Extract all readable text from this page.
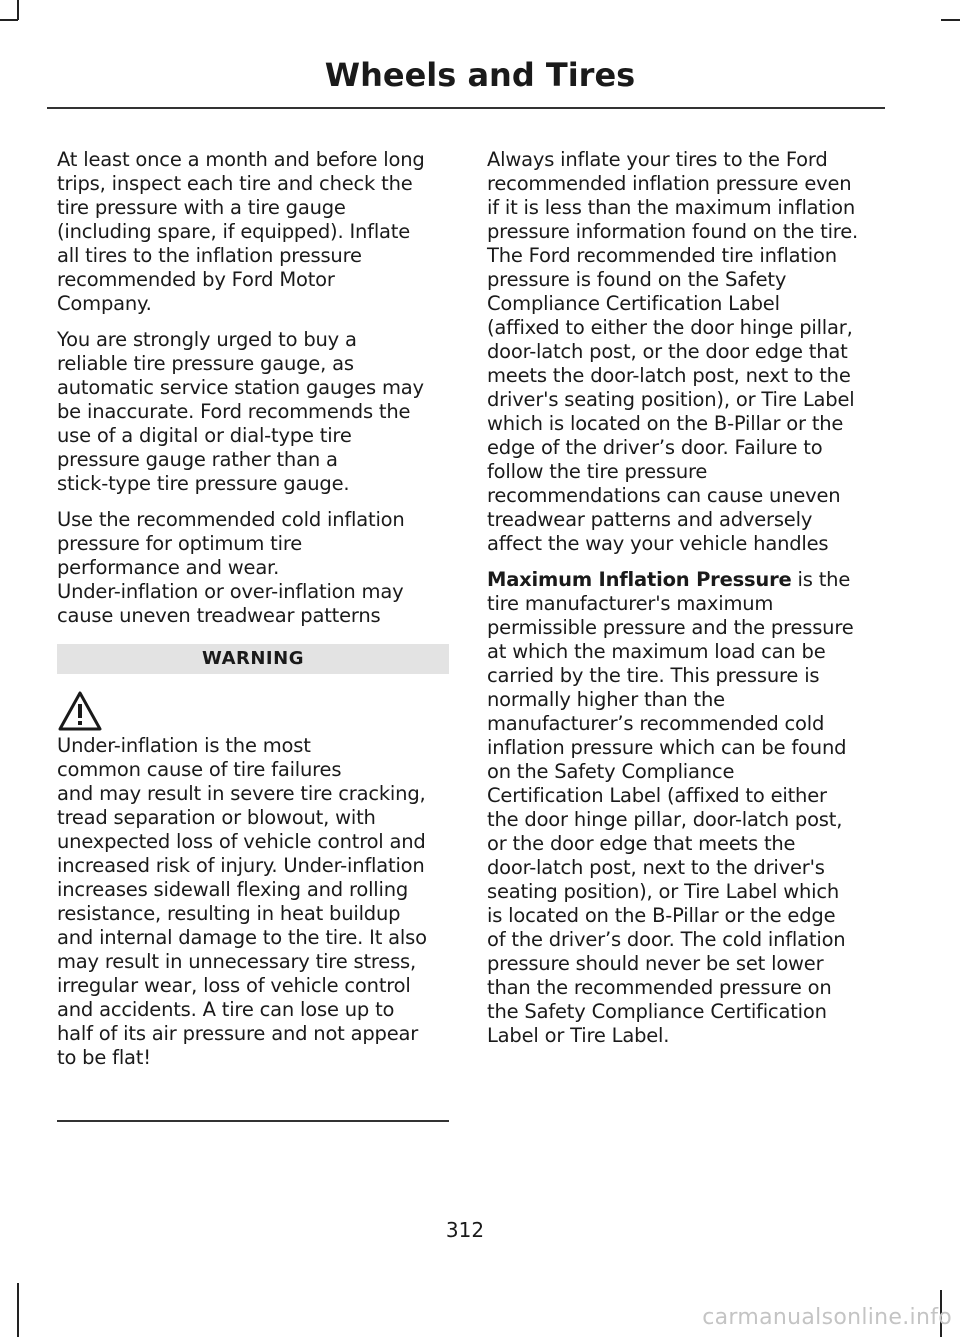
Wheels and Tires

At least once a month and before long
trips, inspect each tire and check the
tire pressure with a tire gauge
(including spare, if equipped). Inflate
all tires to the inflation pressure
recommended by Ford Motor
Company.

You are strongly urged to buy a
reliable tire pressure gauge, as
automatic service station gauges may
be inaccurate. Ford recommends the
use of a digital or dial-type tire
pressure gauge rather than a
stick-type tire pressure gauge.

Use the recommended cold inflation
pressure for optimum tire
performance and wear.
Under-inflation or over-inflation may
cause uneven treadwear patterns

WARNING

Under-inflation is the most
common cause of tire failures
and may result in severe tire cracking,
tread separation or blowout, with
unexpected loss of vehicle control and
increased risk of injury. Under-inflation
increases sidewall flexing and rolling
resistance, resulting in heat buildup
and internal damage to the tire. It also
may result in unnecessary tire stress,
irregular wear, loss of vehicle control
and accidents. A tire can lose up to
half of its air pressure and not appear
to be flat!

Always inflate your tires to the Ford
recommended inflation pressure even
if it is less than the maximum inflation
pressure information found on the tire.
The Ford recommended tire inflation
pressure is found on the Safety
Compliance Certification Label
(affixed to either the door hinge pillar,
door-latch post, or the door edge that
meets the door-latch post, next to the
driver's seating position), or Tire Label
which is located on the B-Pillar or the
edge of the driver’s door. Failure to
follow the tire pressure
recommendations can cause uneven
treadwear patterns and adversely
affect the way your vehicle handles

Maximum Inflation Pressure is the
tire manufacturer's maximum
permissible pressure and the pressure
at which the maximum load can be
carried by the tire. This pressure is
normally higher than the
manufacturer’s recommended cold
inflation pressure which can be found
on the Safety Compliance
Certification Label (affixed to either
the door hinge pillar, door-latch post,
or the door edge that meets the
door-latch post, next to the driver's
seating position), or Tire Label which
is located on the B-Pillar or the edge
of the driver’s door. The cold inflation
pressure should never be set lower
than the recommended pressure on
the Safety Compliance Certification
Label or Tire Label.

312
carmanualsonline.info
